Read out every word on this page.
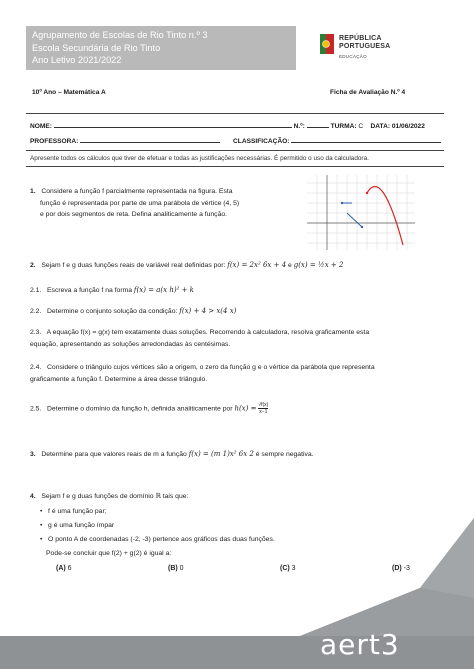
Agrupamento de Escolas de Rio Tinto n.º 3
Escola Secundária de Rio Tinto
Ano Letivo 2021/2022
REPÚBLICA
PORTUGUESA
EDUCAÇÃO
10º Ano – Matemática A	Ficha de Avaliação N.º 4
NOME:	N.º:	TURMA: C DATA: 01/06/2022
PROFESSORA:	CLASSIFICAÇÃO:
Apresente todos os cálculos que tiver de efetuar e todas as justificações necessárias. É permitido o uso da calculadora.
1. Considere a função f parcialmente representada na figura. Esta
função é representada por parte de uma parábola de vértice (4, 5)
e por dois segmentos de reta. Defina analiticamente a função.
2. Sejam f e g duas funções reais de variável real definidas por: f(x) = 2x² 6x + 4 e g(x) = ½x + 2
2.1. Escreva a função f na forma f(x) = a(x h)² + k
2.2. Determine o conjunto solução da condição: f(x) + 4 > x(4 x)
2.3. A equação f(x) = g(x) tem exatamente duas soluções. Recorrendo à calculadora, resolva graficamente esta
equação, apresentando as soluções arredondadas às centésimas.
2.4. Considere o triângulo cujos vértices são a origem, o zero da função g e o vértice da parábola que representa
graficamente a função f. Determine a área desse triângulo.
2.5. Determine o domínio da função h, definida analiticamente por $h(x) = \frac{√f(x)}{x-1}$
3. Determine para que valores reais de m a função f(x) = (m 1)x² 6x 2 é sempre negativa.
4. Sejam f e g duas funções de domínio ℝ tais que:
•   f é uma função par;
•   g é uma função ímpar
•   O ponto A de coordenadas (-2, -3) pertence aos gráficos das duas funções.
Pode-se concluir que f(2) + g(2) é igual a:
(A) 6	(B) 0	(C) 3	(D) -3
aert3
